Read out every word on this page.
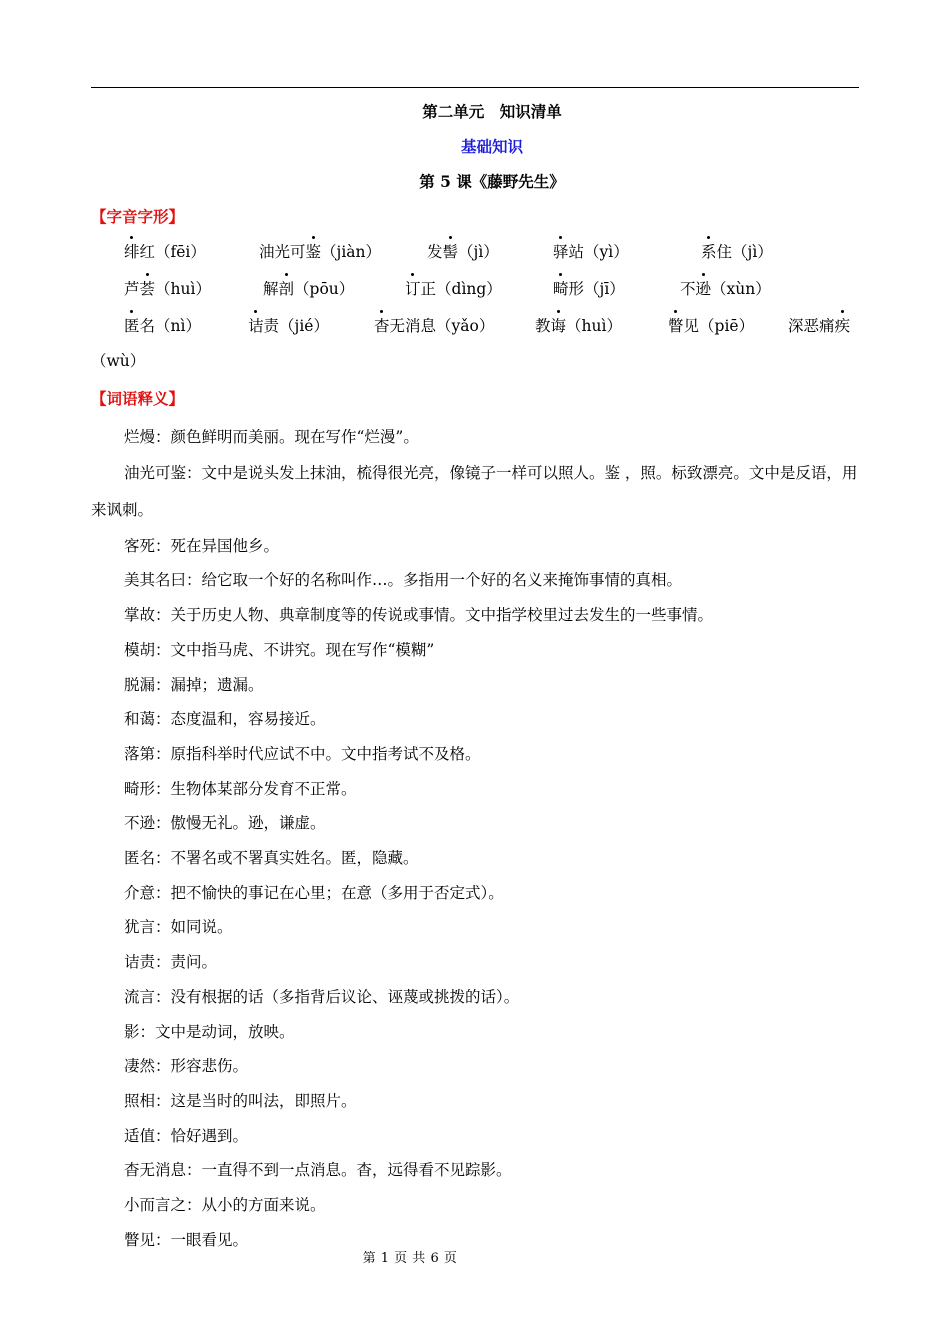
第二单元　知识清单
基础知识
第 5 课《藤野先生》
【字音字形】
绯红（fēi）	油光可鉴（jiàn）	发髻（jì）	驿站（yì）	系住（jì）
芦荟（huì）	解剖（pōu）	订正（dìng）	畸形（jī）	不逊（xùn）
匿名（nì）	诘责（jié）	杳无消息（yǎo）	教诲（huì）	瞥见（piē） 深恶痛疾
（wù）
【词语释义】

烂熳：颜色鲜明而美丽。现在写作“烂漫”。

油光可鉴：文中是说头发上抹油，梳得很光亮，像镜子一样可以照人。鉴 ，照。标致漂亮。文中是反语，用来讽刺。

客死：死在异国他乡。

美其名曰：给它取一个好的名称叫作…。多指用一个好的名义来掩饰事情的真相。

掌故：关于历史人物、典章制度等的传说或事情。文中指学校里过去发生的一些事情。

模胡：文中指马虎、不讲究。现在写作“模糊”

脱漏：漏掉；遗漏。

和蔼：态度温和，容易接近。

落第：原指科举时代应试不中。文中指考试不及格。

畸形：生物体某部分发育不正常。

不逊：傲慢无礼。逊，谦虚。

匿名：不署名或不署真实姓名。匿，隐藏。

介意：把不愉快的事记在心里；在意（多用于否定式）。

犹言：如同说。

诘责：责问。

流言：没有根据的话（多指背后议论、诬蔑或挑拨的话）。

影：文中是动词，放映。

凄然：形容悲伤。

照相：这是当时的叫法，即照片。

适值：恰好遇到。

杳无消息：一直得不到一点消息。杳，远得看不见踪影。

小而言之：从小的方面来说。

瞥见：一眼看见。

第 1 页 共 6 页
